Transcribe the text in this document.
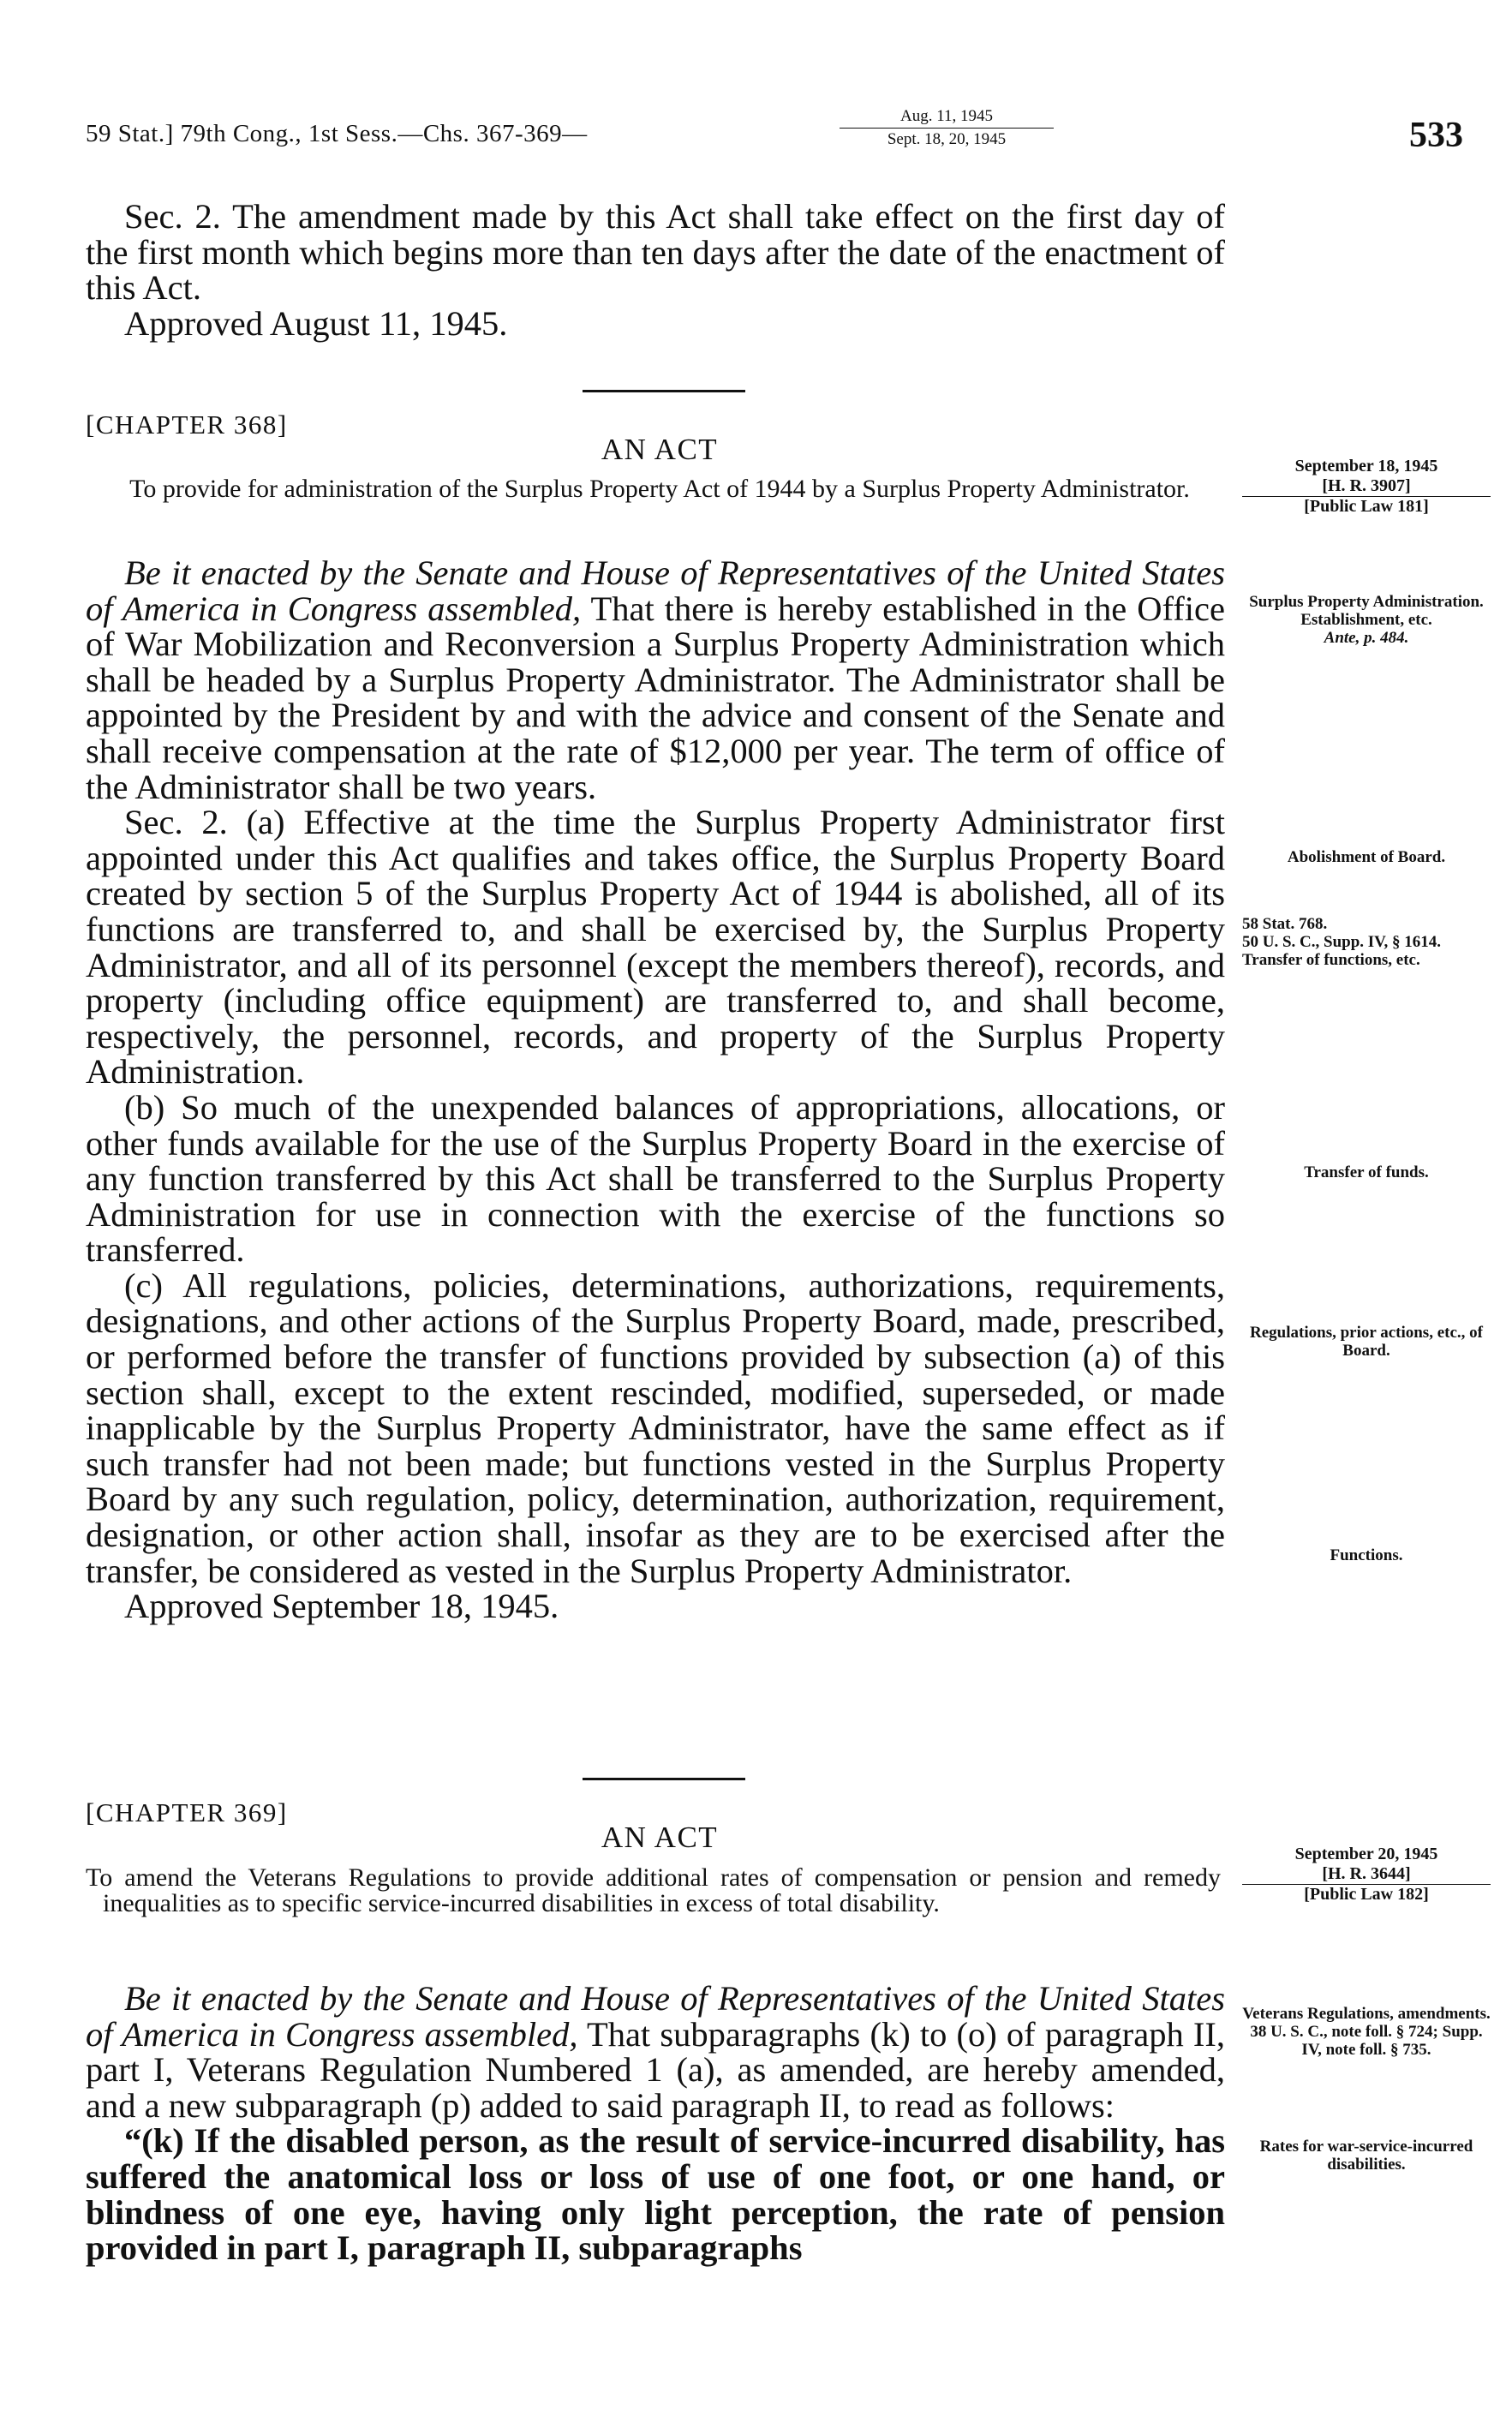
59 Stat.] 79th Cong., 1st Sess.—Chs. 367-369—
Aug. 11, 1945
Sept. 18, 20, 1945	533

Sec. 2. The amendment made by this Act shall take effect on the first day of the first month which begins more than ten days after the date of the enactment of this Act.

Approved August 11, 1945.

[CHAPTER 368]
AN ACT

To provide for administration of the Surplus Property Act of 1944 by a Surplus Property Administrator.

September 18, 1945
[H. R. 3907]
[Public Law 181]

Be it enacted by the Senate and House of Representatives of the United States of America in Congress assembled, That there is hereby established in the Office of War Mobilization and Reconversion a Surplus Property Administration which shall be headed by a Surplus Property Administrator. The Administrator shall be appointed by the President by and with the advice and consent of the Senate and shall receive compensation at the rate of $12,000 per year. The term of office of the Administrator shall be two years.

Sec. 2. (a) Effective at the time the Surplus Property Administrator first appointed under this Act qualifies and takes office, the Surplus Property Board created by section 5 of the Surplus Property Act of 1944 is abolished, all of its functions are transferred to, and shall be exercised by, the Surplus Property Administrator, and all of its personnel (except the members thereof), records, and property (including office equipment) are transferred to, and shall become, respectively, the personnel, records, and property of the Surplus Property Administration.

(b) So much of the unexpended balances of appropriations, allocations, or other funds available for the use of the Surplus Property Board in the exercise of any function transferred by this Act shall be transferred to the Surplus Property Administration for use in connection with the exercise of the functions so transferred.

(c) All regulations, policies, determinations, authorizations, requirements, designations, and other actions of the Surplus Property Board, made, prescribed, or performed before the transfer of functions provided by subsection (a) of this section shall, except to the extent rescinded, modified, superseded, or made inapplicable by the Surplus Property Administrator, have the same effect as if such transfer had not been made; but functions vested in the Surplus Property Board by any such regulation, policy, determination, authorization, requirement, designation, or other action shall, insofar as they are to be exercised after the transfer, be considered as vested in the Surplus Property Administrator.

Approved September 18, 1945.

Surplus Property Administration.
Establishment, etc.
Ante, p. 484.
Abolishment of Board.
58 Stat. 768.
50 U. S. C., Supp. IV, § 1614.
Transfer of functions, etc.
Transfer of funds.
Regulations, prior actions, etc., of Board.
Functions.
[CHAPTER 369]
AN ACT

To amend the Veterans Regulations to provide additional rates of compensation or pension and remedy inequalities as to specific service-incurred disabilities in excess of total disability.

September 20, 1945
[H. R. 3644]
[Public Law 182]

Be it enacted by the Senate and House of Representatives of the United States of America in Congress assembled, That subparagraphs (k) to (o) of paragraph II, part I, Veterans Regulation Numbered 1 (a), as amended, are hereby amended, and a new subparagraph (p) added to said paragraph II, to read as follows:

“(k) If the disabled person, as the result of service-incurred disability, has suffered the anatomical loss or loss of use of one foot, or one hand, or blindness of one eye, having only light perception, the rate of pension provided in part I, paragraph II, subparagraphs

Veterans Regulations, amendments.
38 U. S. C., note foll. § 724; Supp. IV, note foll. § 735.
Rates for war-service-incurred disabilities.
